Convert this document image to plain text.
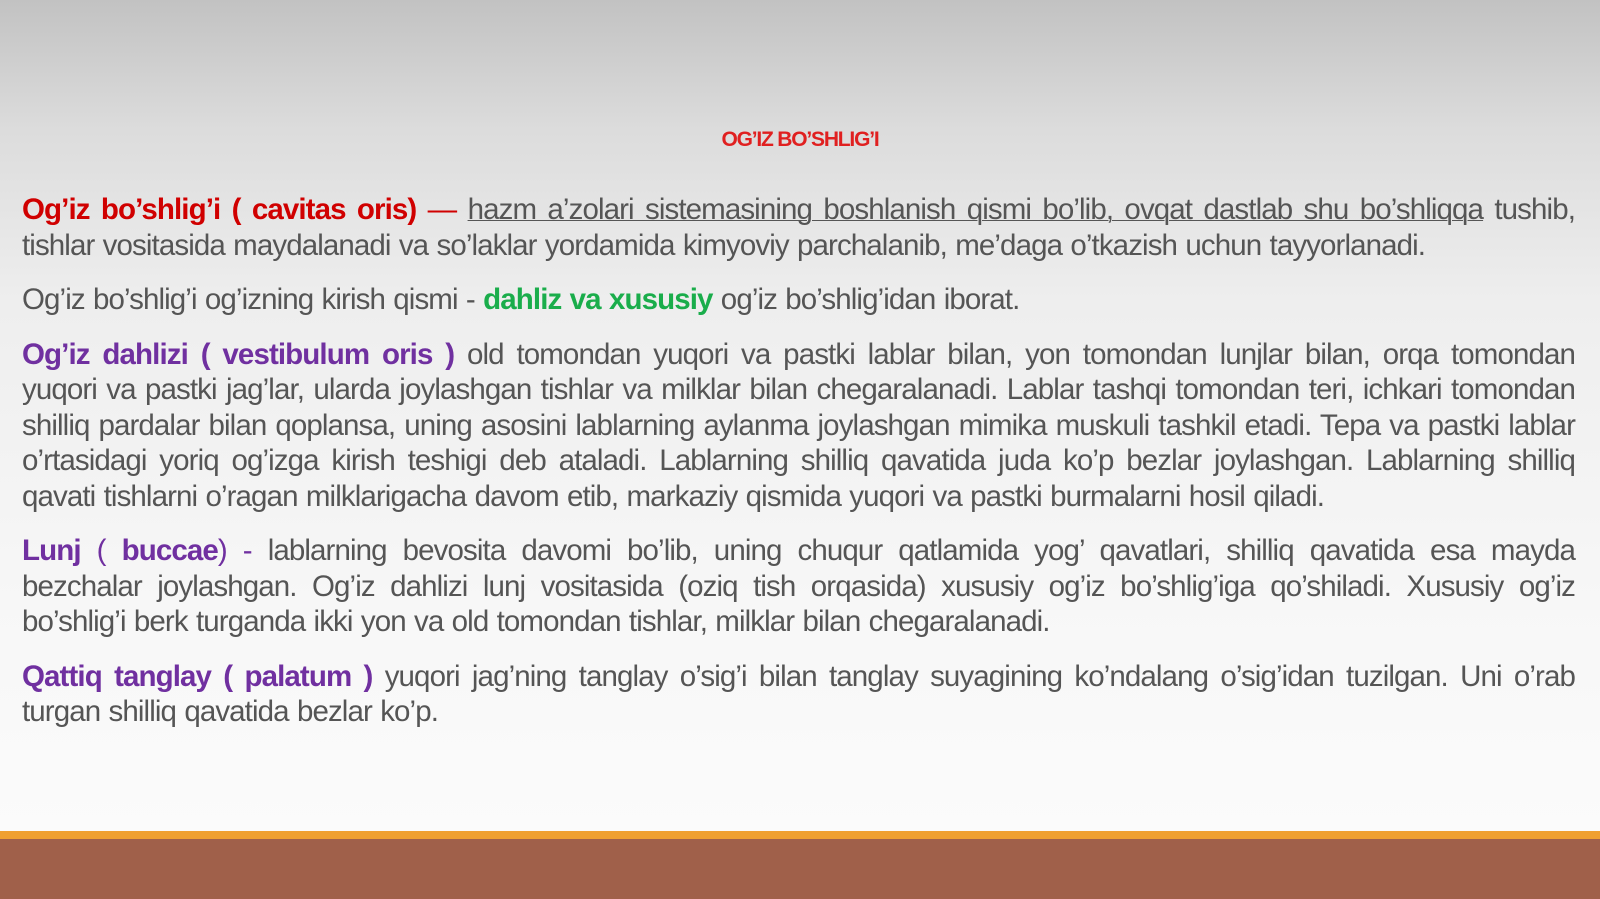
OG’IZ BO’SHLIG’I

Og’iz bo’shlig’i ( cavitas oris) — hazm a’zolari sistemasining boshlanish qismi bo’lib, ovqat dastlab shu bo’shliqqa tushib, tishlar vositasida maydalanadi va so’laklar yordamida kimyoviy parchalanib, me’daga o’tkazish uchun tayyorlanadi.

Og’iz bo’shlig’i og’izning kirish qismi - dahliz va xususiy og’iz bo’shlig’idan iborat.

Og’iz dahlizi ( vestibulum oris ) old tomondan yuqori va pastki lablar bilan, yon tomondan lunjlar bilan, orqa tomondan yuqori va pastki jag’lar, ularda joylashgan tishlar va milklar bilan chegaralanadi. Lablar tashqi tomondan teri, ichkari tomondan shilliq pardalar bilan qoplansa, uning asosini lablarning aylanma joylashgan mimika muskuli tashkil etadi. Tepa va pastki lablar o’rtasidagi yoriq og’izga kirish teshigi deb ataladi. Lablarning shilliq qavatida juda ko’p bezlar joylashgan. Lablarning shilliq qavati tishlarni o’ragan milklarigacha davom etib, markaziy qismida yuqori va pastki burmalarni hosil qiladi.

Lunj ( buccae) - lablarning bevosita davomi bo’lib, uning chuqur qatlamida yog’ qavatlari, shilliq qavatida esa mayda bezchalar joylashgan. Og’iz dahlizi lunj vositasida (oziq tish orqasida) xususiy og’iz bo’shlig’iga qo’shiladi. Xususiy og’iz bo’shlig’i berk turganda ikki yon va old tomondan tishlar, milklar bilan chegaralanadi.

Qattiq tanglay ( palatum ) yuqori jag’ning tanglay o’sig’i bilan tanglay suyagining ko’ndalang o’sig’idan tuzilgan. Uni o’rab turgan shilliq qavatida bezlar ko’p.
